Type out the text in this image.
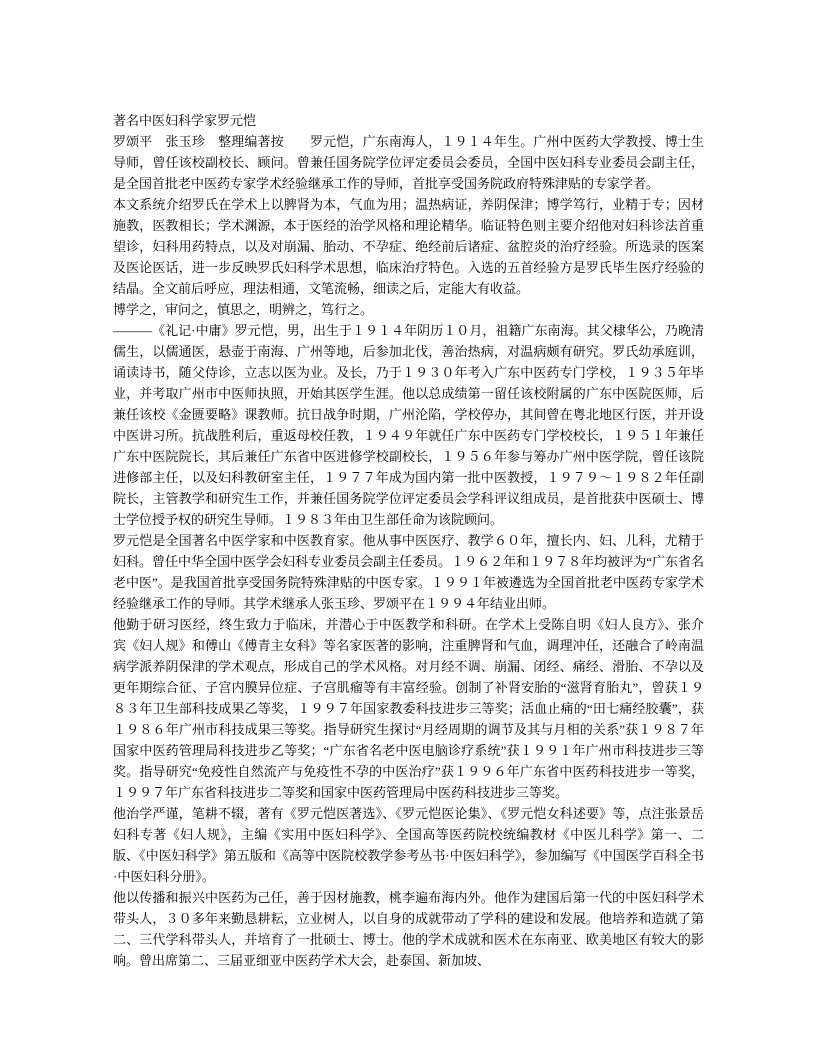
著名中医妇科学家罗元恺

罗颂平　张玉珍　整理编著按　　罗元恺，广东南海人，１９１４年生。广州中医药大学教授、博士生导师，曾任该校副校长、顾问。曾兼任国务院学位评定委员会委员，全国中医妇科专业委员会副主任，是全国首批老中医药专家学术经验继承工作的导师，首批享受国务院政府特殊津贴的专家学者。

本文系统介绍罗氏在学术上以脾肾为本，气血为用；温热病证，养阴保津；博学笃行，业精于专；因材施教，医教相长；学术渊源，本于医经的治学风格和理论精华。临证特色则主要介绍他对妇科诊法首重望诊，妇科用药特点，以及对崩漏、胎动、不孕症、绝经前后诸症、盆腔炎的治疗经验。所选录的医案及医论医话，进一步反映罗氏妇科学术思想，临床治疗特色。入选的五首经验方是罗氏毕生医疗经验的结晶。全文前后呼应，理法相通，文笔流畅，细读之后，定能大有收益。

博学之，审问之，慎思之，明辨之，笃行之。

———《礼记·中庸》罗元恺，男，出生于１９１４年阴历１０月，祖籍广东南海。其父棣华公，乃晚清儒生，以儒通医，悬壶于南海、广州等地，后参加北伐，善治热病，对温病颇有研究。罗氏幼承庭训，诵读诗书，随父侍诊，立志以医为业。及长，乃于１９３０年考入广东中医药专门学校，１９３５年毕业，并考取广州市中医师执照，开始其医学生涯。他以总成绩第一留任该校附属的广东中医院医师，后兼任该校《金匮要略》课教师。抗日战争时期，广州沦陷，学校停办，其间曾在粤北地区行医，并开设中医讲习所。抗战胜利后，重返母校任教，１９４９年就任广东中医药专门学校校长，１９５１年兼任广东中医院院长，其后兼任广东省中医进修学校副校长，１９５６年参与筹办广州中医学院，曾任该院进修部主任，以及妇科教研室主任，１９７７年成为国内第一批中医教授，１９７９～１９８２年任副院长，主管教学和研究生工作，并兼任国务院学位评定委员会学科评议组成员，是首批获中医硕士、博士学位授予权的研究生导师。１９８３年由卫生部任命为该院顾问。

罗元恺是全国著名中医学家和中医教育家。他从事中医医疗、教学６０年，擅长内、妇、儿科，尤精于妇科。曾任中华全国中医学会妇科专业委员会副主任委员。１９６２年和１９７８年均被评为“广东省名老中医”。是我国首批享受国务院特殊津贴的中医专家。１９９１年被遴选为全国首批老中医药专家学术经验继承工作的导师。其学术继承人张玉珍、罗颂平在１９９４年结业出师。

他勤于研习医经，终生致力于临床，并潜心于中医教学和科研。在学术上受陈自明《妇人良方》、张介宾《妇人规》和傅山《傅青主女科》等名家医著的影响，注重脾肾和气血，调理冲任，还融合了岭南温病学派养阴保津的学术观点，形成自己的学术风格。对月经不调、崩漏、闭经、痛经、滑胎、不孕以及更年期综合征、子宫内膜异位症、子宫肌瘤等有丰富经验。创制了补肾安胎的“滋肾育胎丸”，曾获１９８３年卫生部科技成果乙等奖，１９９７年国家教委科技进步三等奖；活血止痛的“田七痛经胶囊”，获１９８６年广州市科技成果三等奖。指导研究生探讨“月经周期的调节及其与月相的关系”获１９８７年国家中医药管理局科技进步乙等奖；“广东省名老中医电脑诊疗系统”获１９９１年广州市科技进步三等奖。指导研究“免疫性自然流产与免疫性不孕的中医治疗”获１９９６年广东省中医药科技进步一等奖，１９９７年广东省科技进步二等奖和国家中医药管理局中医药科技进步三等奖。

他治学严谨，笔耕不辍，著有《罗元恺医著选》、《罗元恺医论集》、《罗元恺女科述要》等，点注张景岳妇科专著《妇人规》，主编《实用中医妇科学》、全国高等医药院校统编教材《中医儿科学》第一、二版、《中医妇科学》第五版和《高等中医院校教学参考丛书·中医妇科学》，参加编写《中国医学百科全书·中医妇科分册》。

他以传播和振兴中医药为己任，善于因材施教，桃李遍布海内外。他作为建国后第一代的中医妇科学术带头人，３０多年来勤恳耕耘，立业树人，以自身的成就带动了学科的建设和发展。他培养和造就了第二、三代学科带头人，并培育了一批硕士、博士。他的学术成就和医术在东南亚、欧美地区有较大的影响。曾出席第二、三届亚细亚中医药学术大会，赴泰国、新加坡、
